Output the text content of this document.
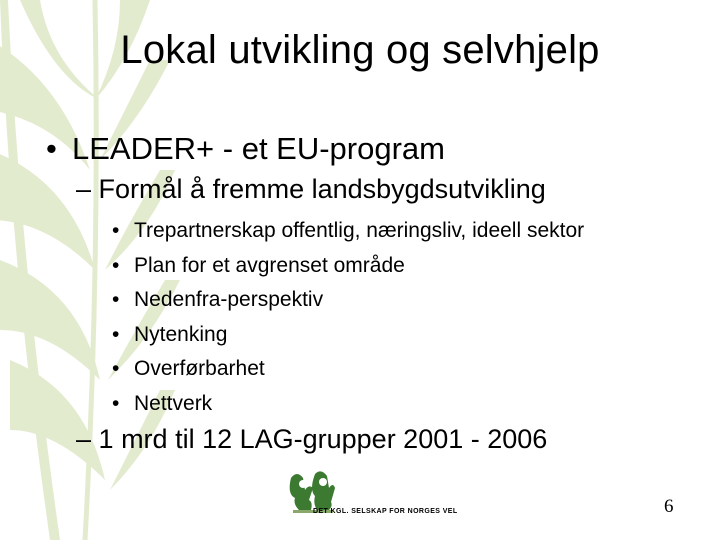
Lokal utvikling og selvhjelp
• LEADER+ - et EU-program
– Formål å fremme landsbygdsutvikling
• Trepartnerskap offentlig, næringsliv, ideell sektor
• Plan for et avgrenset område
• Nedenfra-perspektiv
• Nytenking
• Overførbarhet
• Nettverk
– 1 mrd til 12 LAG-grupper 2001 - 2006
DET KGL. SELSKAP FOR NORGES VEL	6
